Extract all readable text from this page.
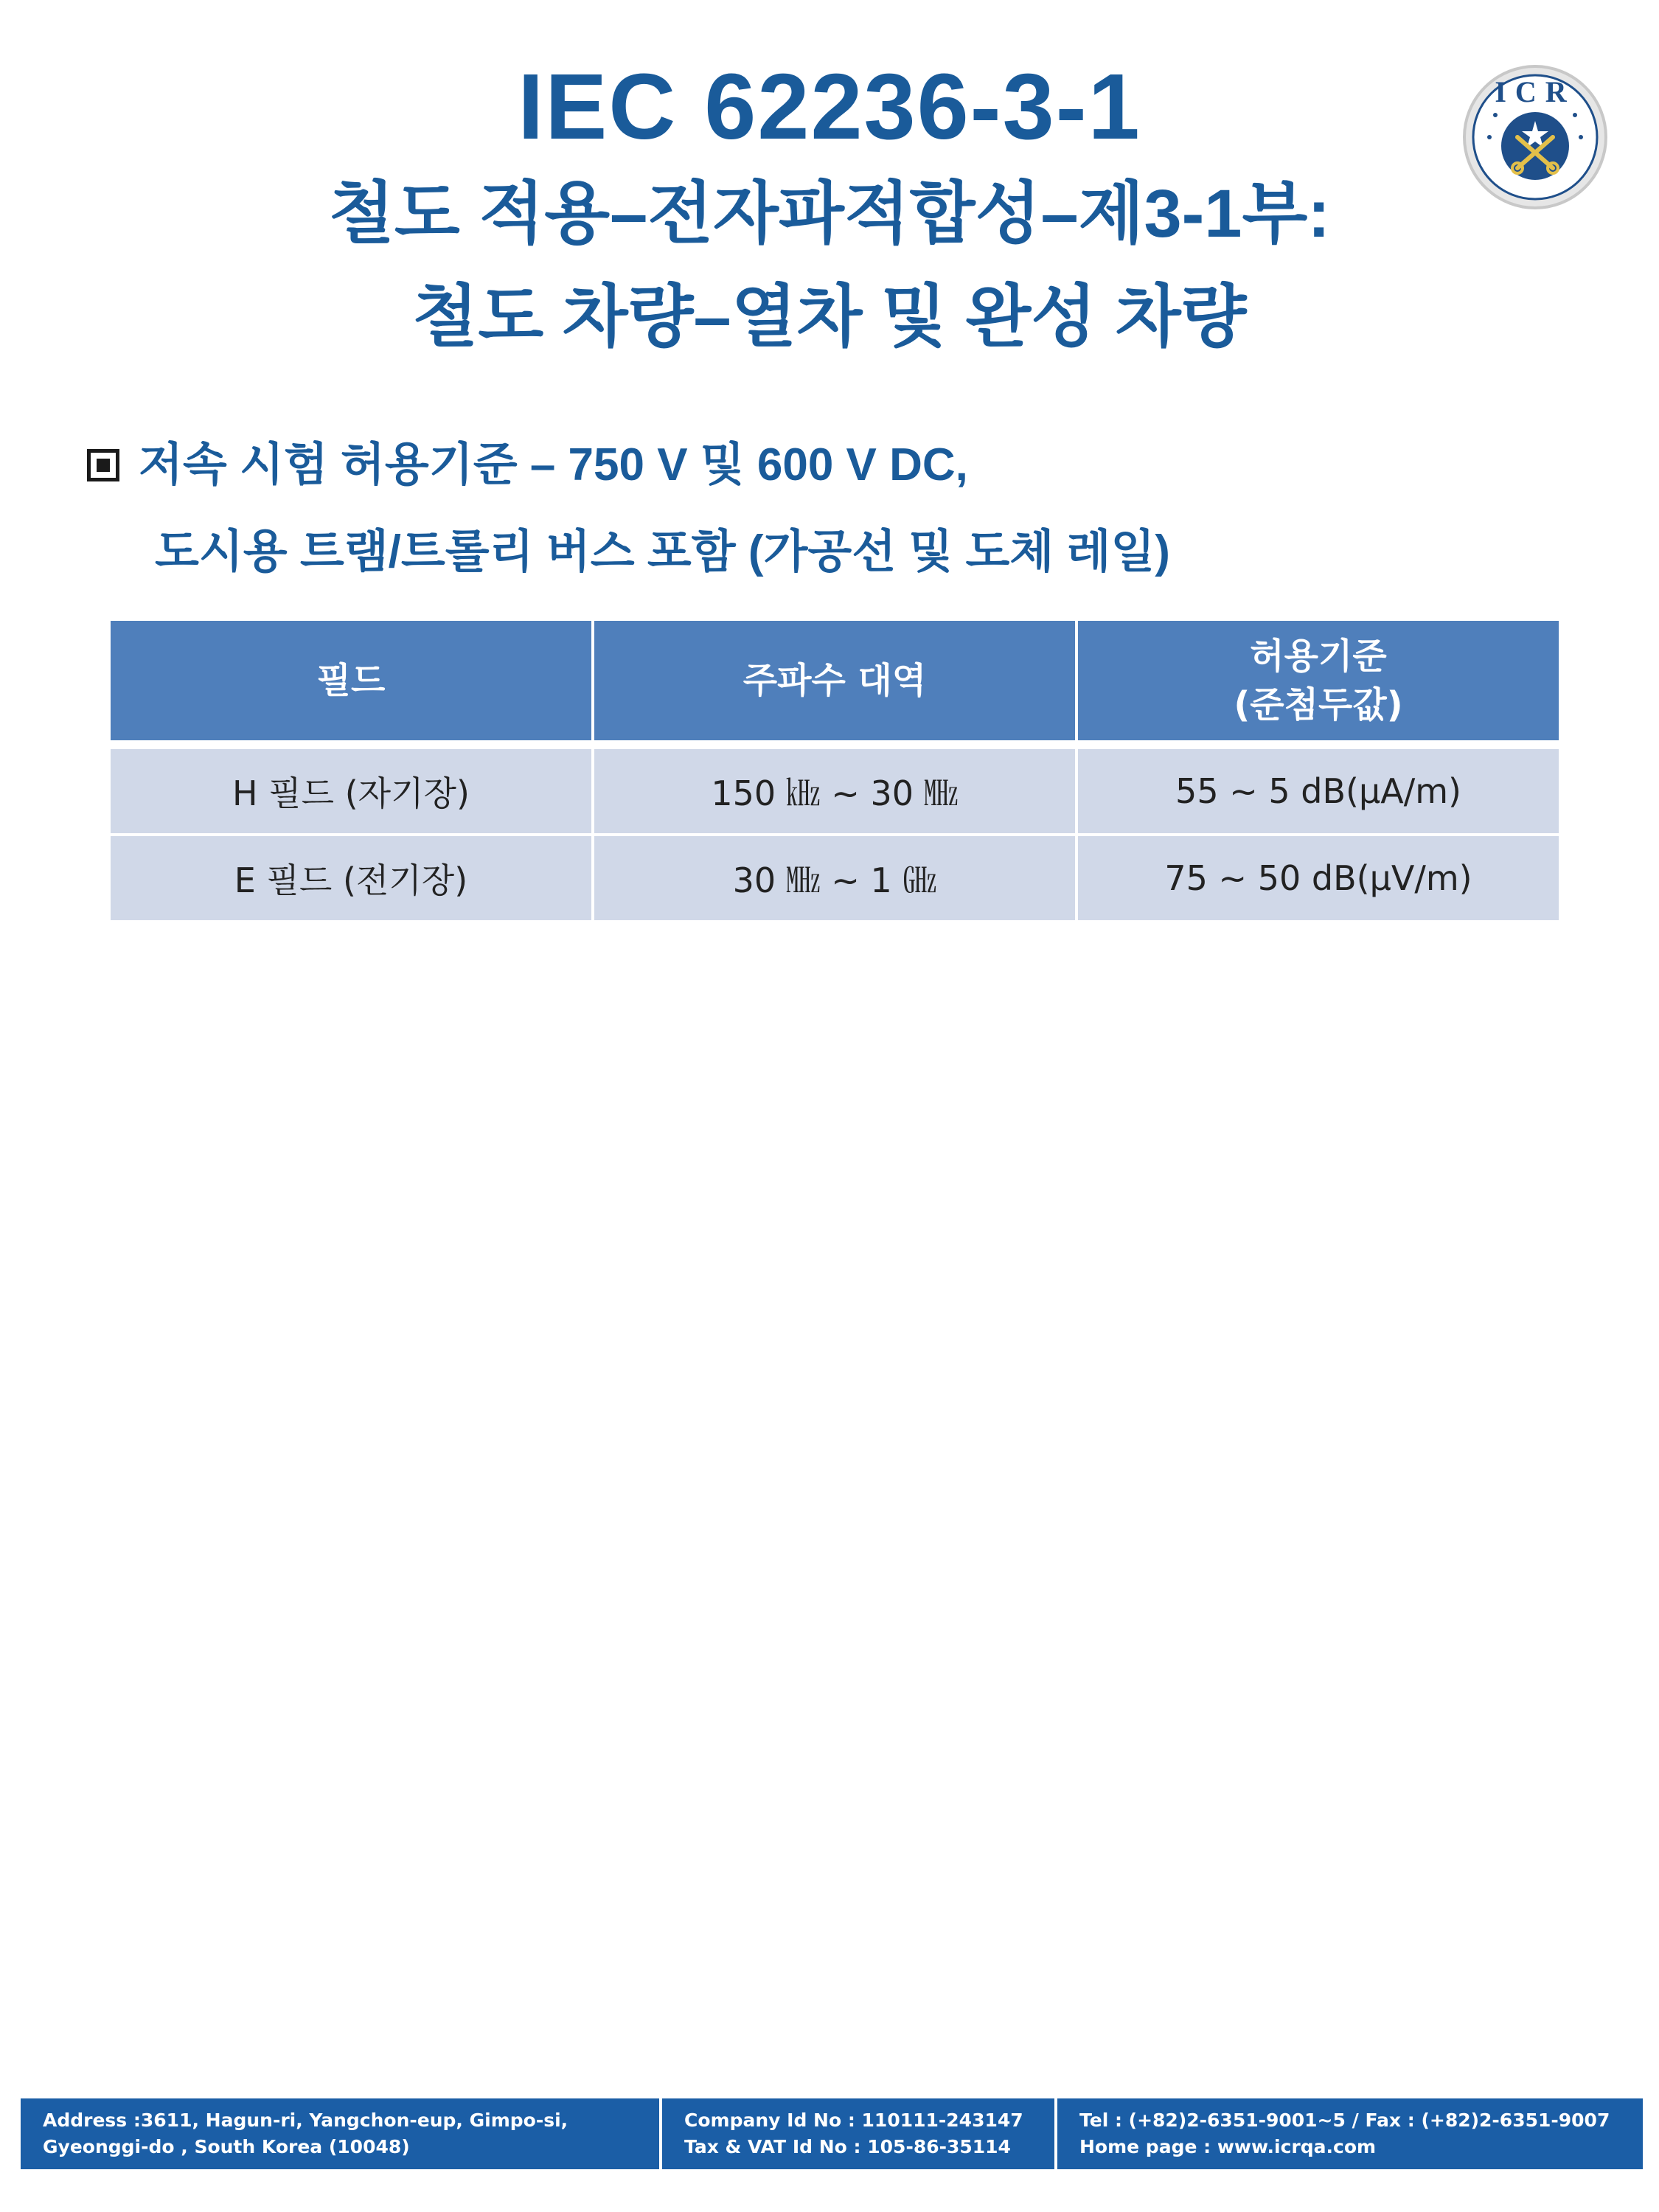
IEC 62236-3-1
철도 적용–전자파적합성–제3-1부:
철도 차량–열차 및 완성 차량
ICR
저속 시험 허용기준 – 750 V 및 600 V DC,
도시용 트램/트롤리 버스 포함 (가공선 및 도체 레일)
필드	주파수 대역	허용기준
(준첨두값)
H 필드 (자기장)	150 ㎑ ~ 30 ㎒	55 ~ 5 dB(μA/m)
E 필드 (전기장)	30 ㎒ ~ 1 ㎓	75 ~ 50 dB(μV/m)
Address :3611, Hagun-ri, Yangchon-eup, Gimpo-si,
Gyeonggi-do , South Korea (10048)
Company Id No : 110111-243147
Tax & VAT Id No : 105-86-35114
Tel : (+82)2-6351-9001~5 / Fax : (+82)2-6351-9007
Home page : www.icrqa.com
